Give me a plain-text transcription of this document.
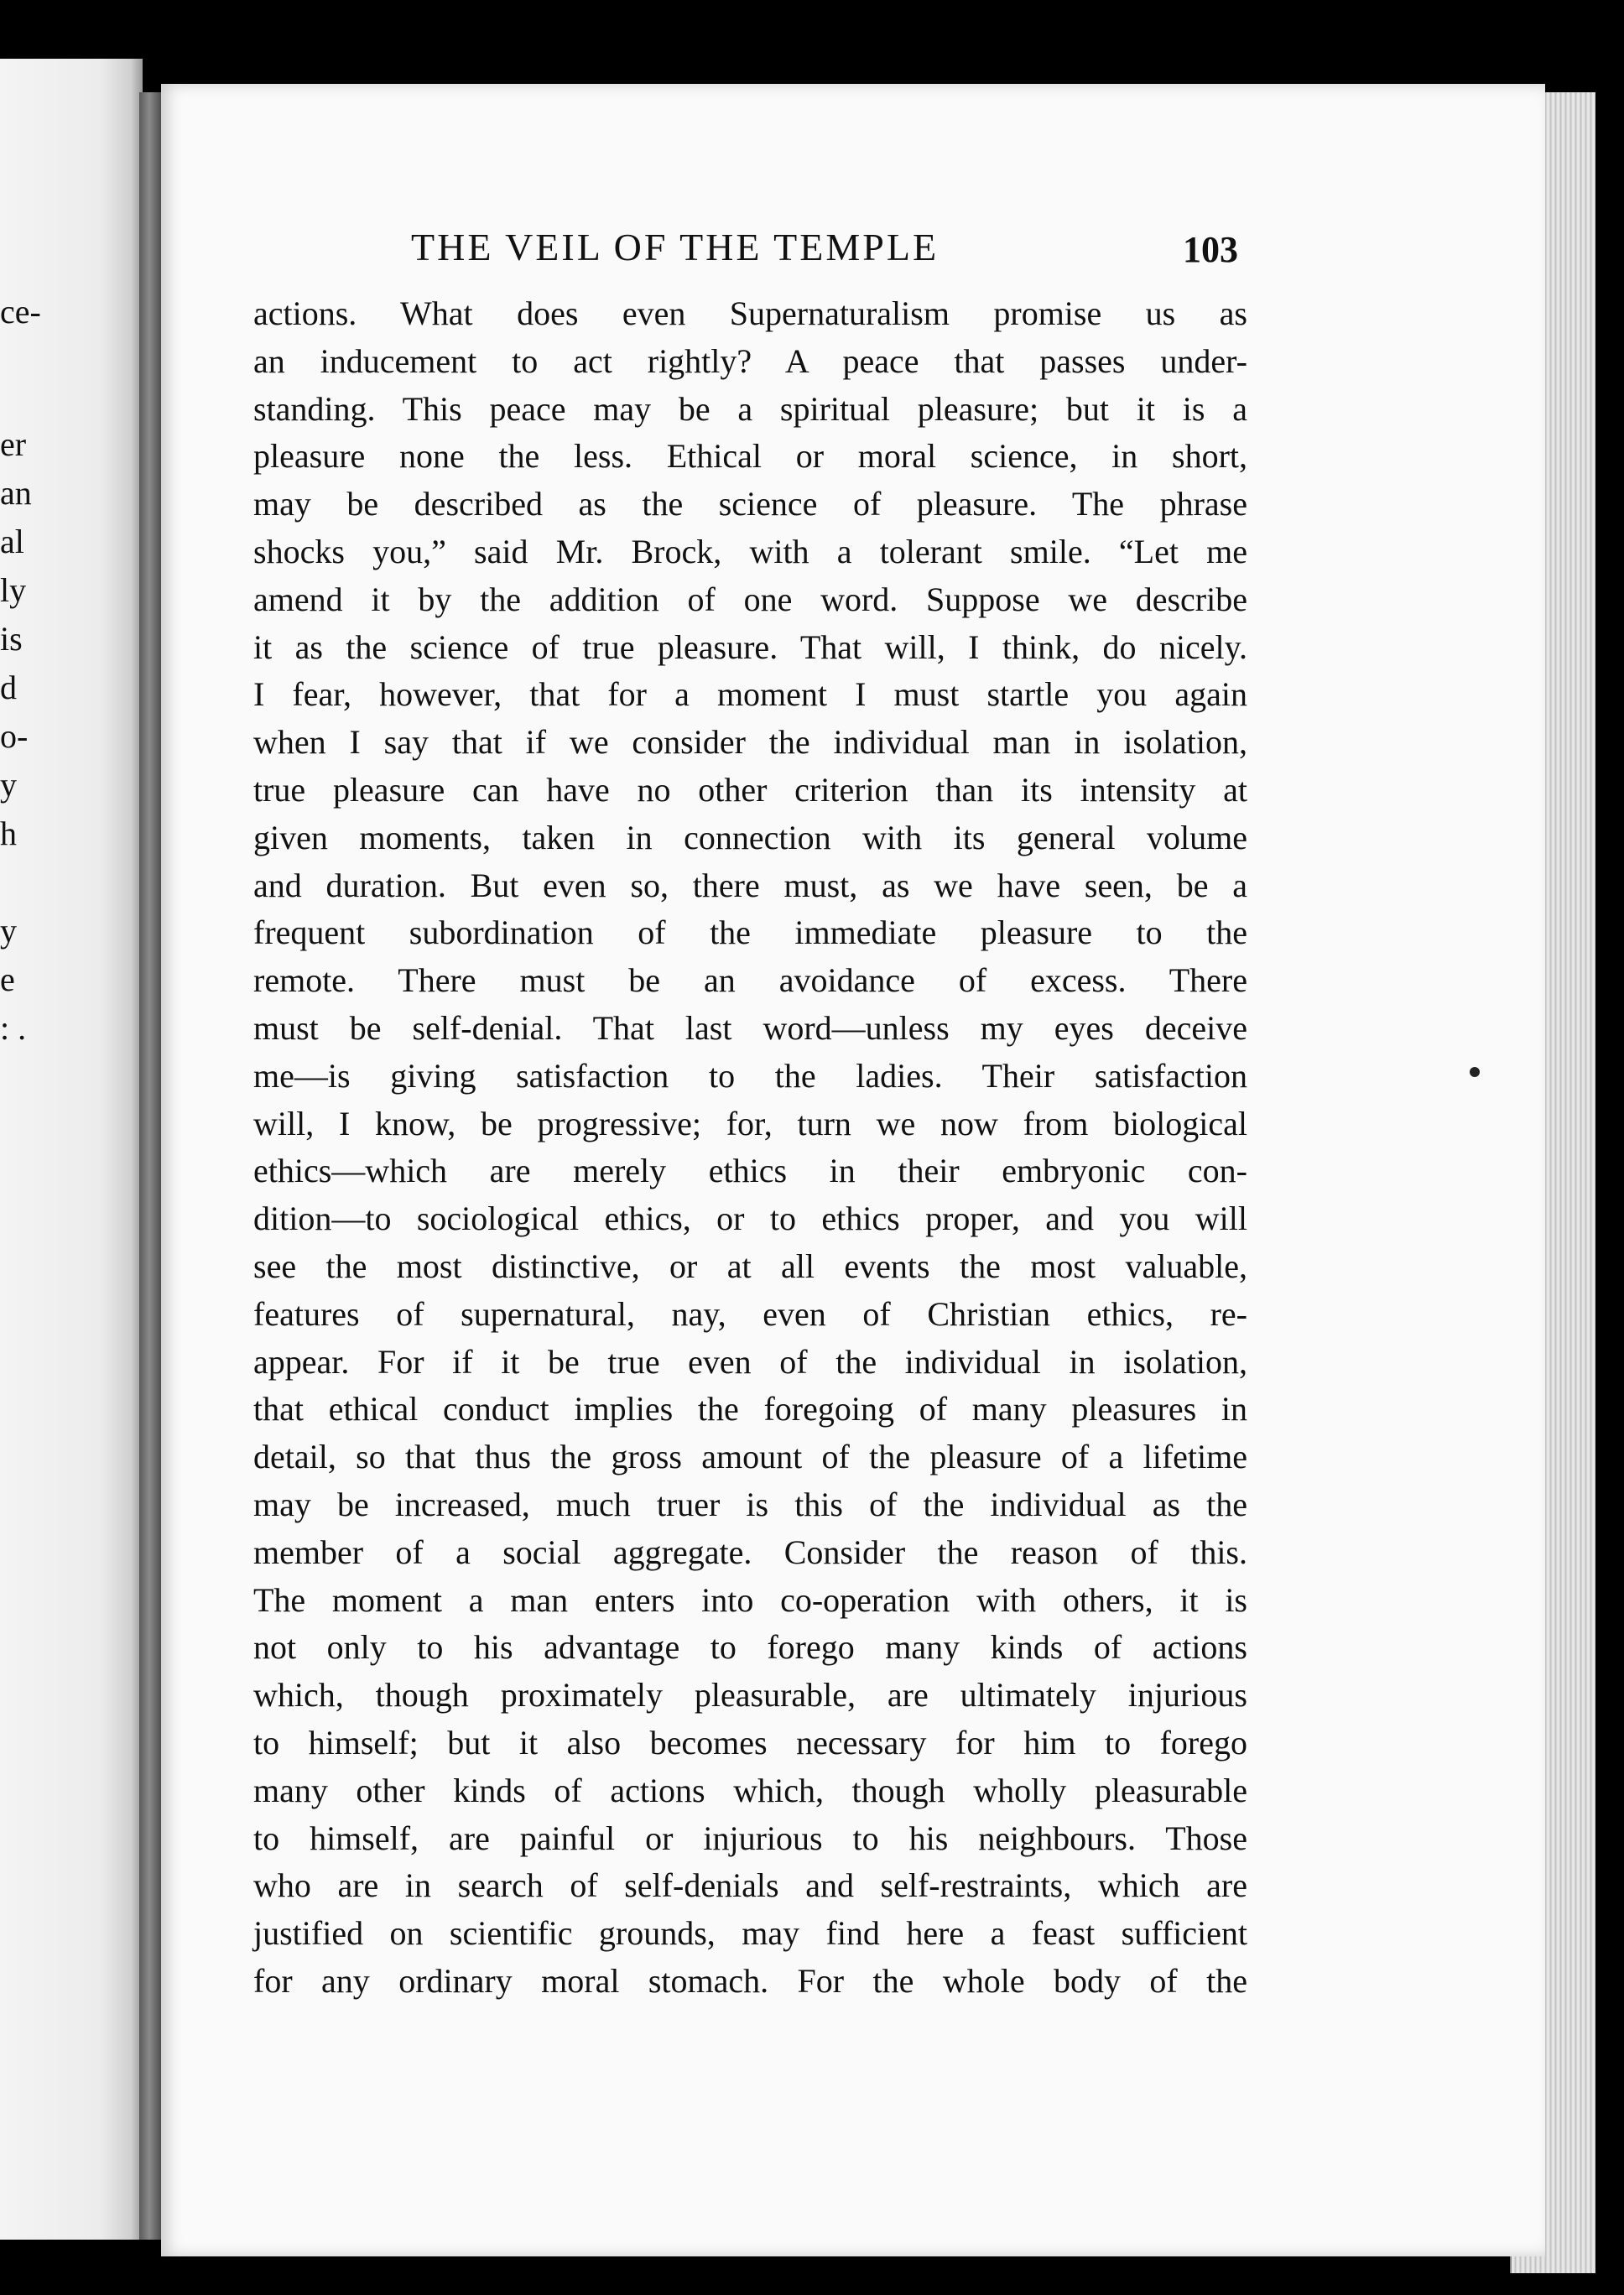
ce-
er
an
al
ly
is
d
o-
y
h
y
e
: .
THE VEIL OF THE TEMPLE	103
actions. What does even Supernaturalism promise us as
an inducement to act rightly? A peace that passes under-
standing. This peace may be a spiritual pleasure; but it is a
pleasure none the less. Ethical or moral science, in short,
may be described as the science of pleasure. The phrase
shocks you,” said Mr. Brock, with a tolerant smile. “Let me
amend it by the addition of one word. Suppose we describe
it as the science of true pleasure. That will, I think, do nicely.
I fear, however, that for a moment I must startle you again
when I say that if we consider the individual man in isolation,
true pleasure can have no other criterion than its intensity at
given moments, taken in connection with its general volume
and duration. But even so, there must, as we have seen, be a
frequent subordination of the immediate pleasure to the
remote. There must be an avoidance of excess. There
must be self-denial. That last word—unless my eyes deceive
me—is giving satisfaction to the ladies. Their satisfaction
will, I know, be progressive; for, turn we now from biological
ethics—which are merely ethics in their embryonic con-
dition—to sociological ethics, or to ethics proper, and you will
see the most distinctive, or at all events the most valuable,
features of supernatural, nay, even of Christian ethics, re-
appear. For if it be true even of the individual in isolation,
that ethical conduct implies the foregoing of many pleasures in
detail, so that thus the gross amount of the pleasure of a lifetime
may be increased, much truer is this of the individual as the
member of a social aggregate. Consider the reason of this.
The moment a man enters into co-operation with others, it is
not only to his advantage to forego many kinds of actions
which, though proximately pleasurable, are ultimately injurious
to himself; but it also becomes necessary for him to forego
many other kinds of actions which, though wholly pleasurable
to himself, are painful or injurious to his neighbours. Those
who are in search of self-denials and self-restraints, which are
justified on scientific grounds, may find here a feast sufficient
for any ordinary moral stomach. For the whole body of the
